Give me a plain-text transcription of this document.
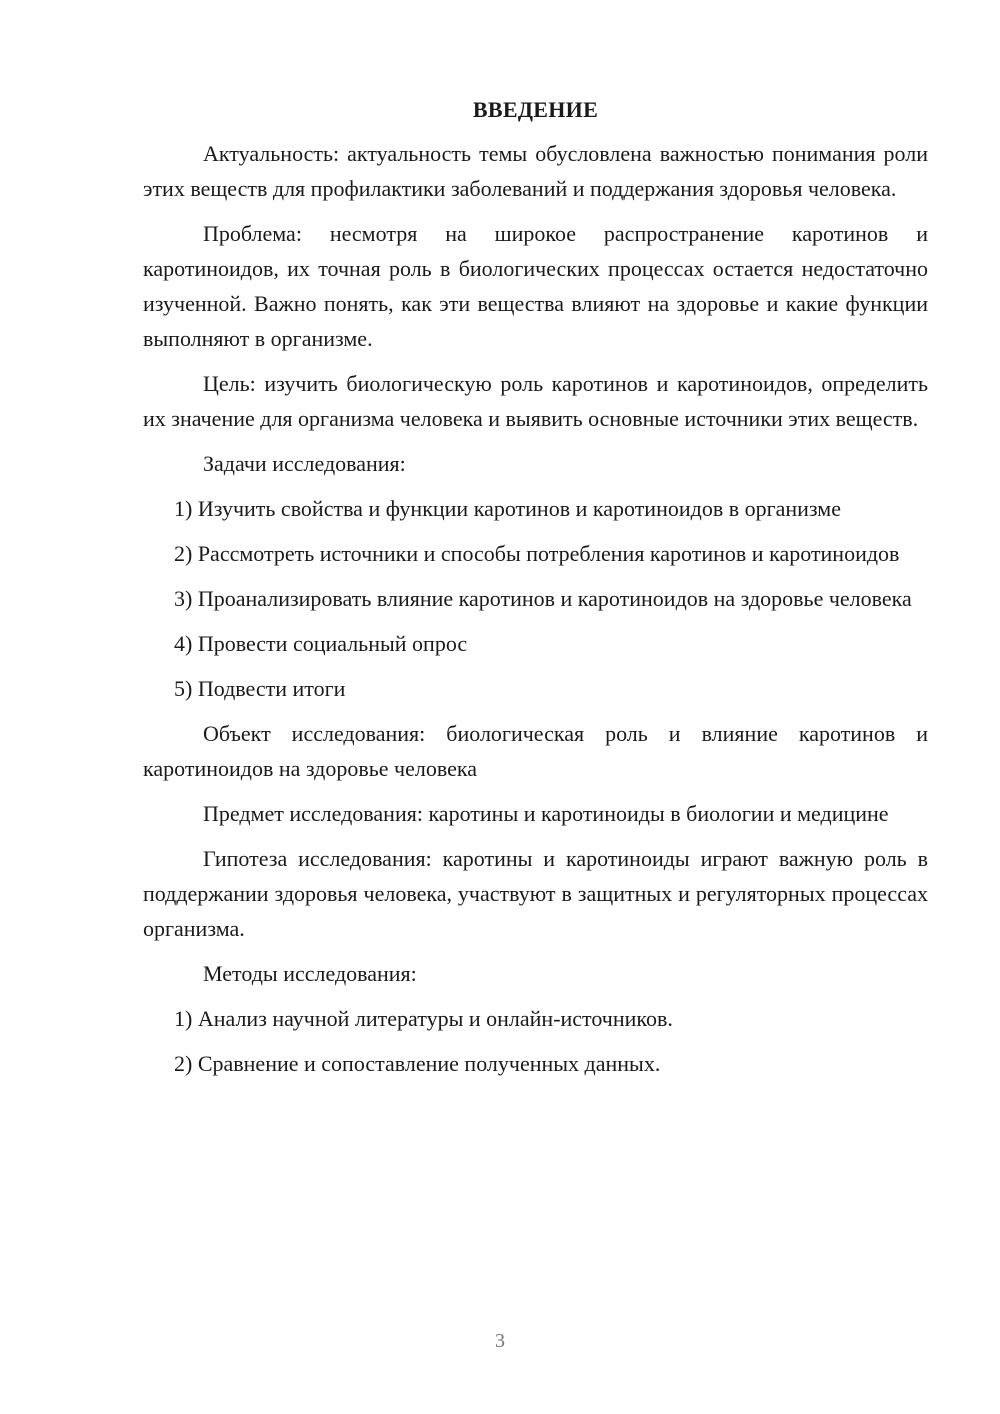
ВВЕДЕНИЕ

Актуальность: актуальность темы обусловлена важностью понимания роли этих веществ для профилактики заболеваний и поддержания здоровья человека.

Проблема: несмотря на широкое распространение каротинов и каротиноидов, их точная роль в биологических процессах остается недостаточно изученной. Важно понять, как эти вещества влияют на здоровье и какие функции выполняют в организме.

Цель: изучить биологическую роль каротинов и каротиноидов, определить их значение для организма человека и выявить основные источники этих веществ.

Задачи исследования:

1) Изучить свойства и функции каротинов и каротиноидов в организме

2) Рассмотреть источники и способы потребления каротинов и каротиноидов

3) Проанализировать влияние каротинов и каротиноидов на здоровье человека

4) Провести социальный опрос

5) Подвести итоги

Объект исследования: биологическая роль и влияние каротинов и каротиноидов на здоровье человека

Предмет исследования: каротины и каротиноиды в биологии и медицине

Гипотеза исследования: каротины и каротиноиды играют важную роль в поддержании здоровья человека, участвуют в защитных и регуляторных процессах организма.

Методы исследования:

1) Анализ научной литературы и онлайн-источников.

2) Сравнение и сопоставление полученных данных.

3
